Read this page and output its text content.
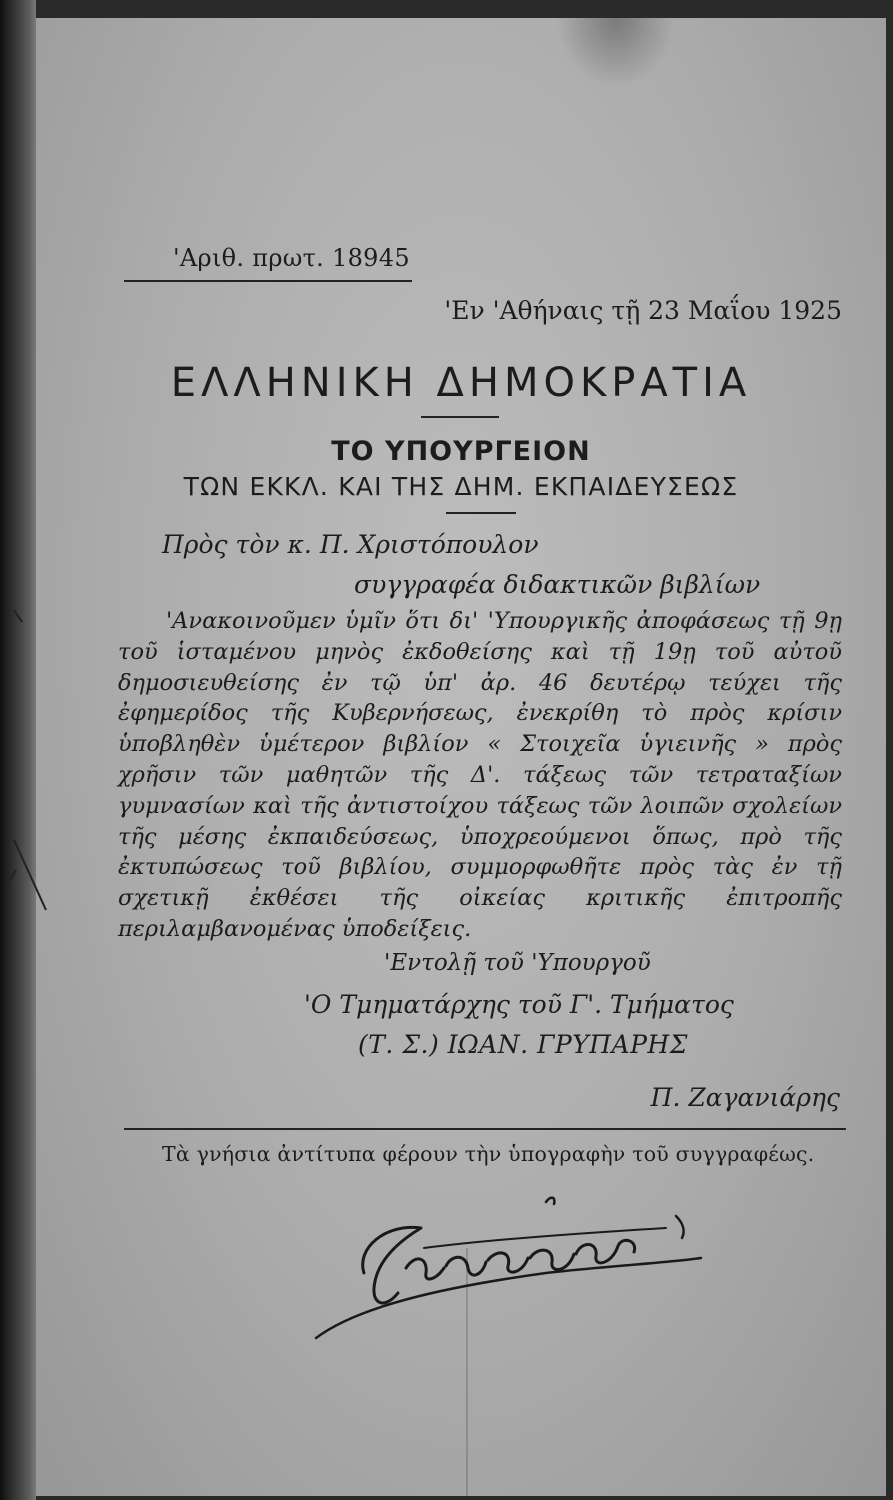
'Αριθ. πρωτ. 18945
'Εν 'Αθήναις τῇ 23 Μαΐου 1925
ΕΛΛΗΝΙΚΗ ΔΗΜΟΚΡΑΤΙΑ
ΤΟ ΥΠΟΥΡΓΕΙΟΝ
ΤΩΝ ΕΚΚΛ. ΚΑΙ ΤΗΣ ΔΗΜ. ΕΚΠΑΙΔΕΥΣΕΩΣ
Πρὸς τὸν κ. Π. Χριστόπουλον
συγγραφέα διδακτικῶν βιβλίων
'Ανακοινοῦμεν ὑμῖν ὅτι δι' 'Υπουργικῆς ἀποφάσεως τῇ 9ῃ τοῦ ἱσταμένου μηνὸς ἐκδοθείσης καὶ τῇ 19ῃ τοῦ αὐτοῦ δημοσιευθείσης ἐν τῷ ὑπ' ἀρ. 46 δευτέρῳ τεύχει τῆς ἐφημερίδος τῆς Κυβερνήσεως, ἐνεκρίθη τὸ πρὸς κρίσιν ὑποβληθὲν ὑμέτερον βιβλίον « Στοιχεῖα ὑγιεινῆς » πρὸς χρῆσιν τῶν μαθητῶν τῆς Δ'. τάξεως τῶν τετραταξίων γυμνασίων καὶ τῆς ἀντιστοίχου τάξεως τῶν λοιπῶν σχολείων τῆς μέσης ἐκπαιδεύσεως, ὑποχρεούμενοι ὅπως, πρὸ τῆς ἐκτυπώσεως τοῦ βιβλίου, συμμορφωθῆτε πρὸς τὰς ἐν τῇ σχετικῇ ἐκθέσει τῆς οἰκείας κριτικῆς ἐπιτροπῆς περιλαμβανομένας ὑποδείξεις.
'Εντολῇ τοῦ 'Υπουργοῦ
'Ο Τμηματάρχης τοῦ Γ'. Τμήματος
(Τ. Σ.) ΙΩΑΝ. ΓΡΥΠΑΡΗΣ
Π. Ζαγανιάρης
Τὰ γνήσια ἀντίτυπα φέρουν τὴν ὑπογραφὴν τοῦ συγγραφέως.
